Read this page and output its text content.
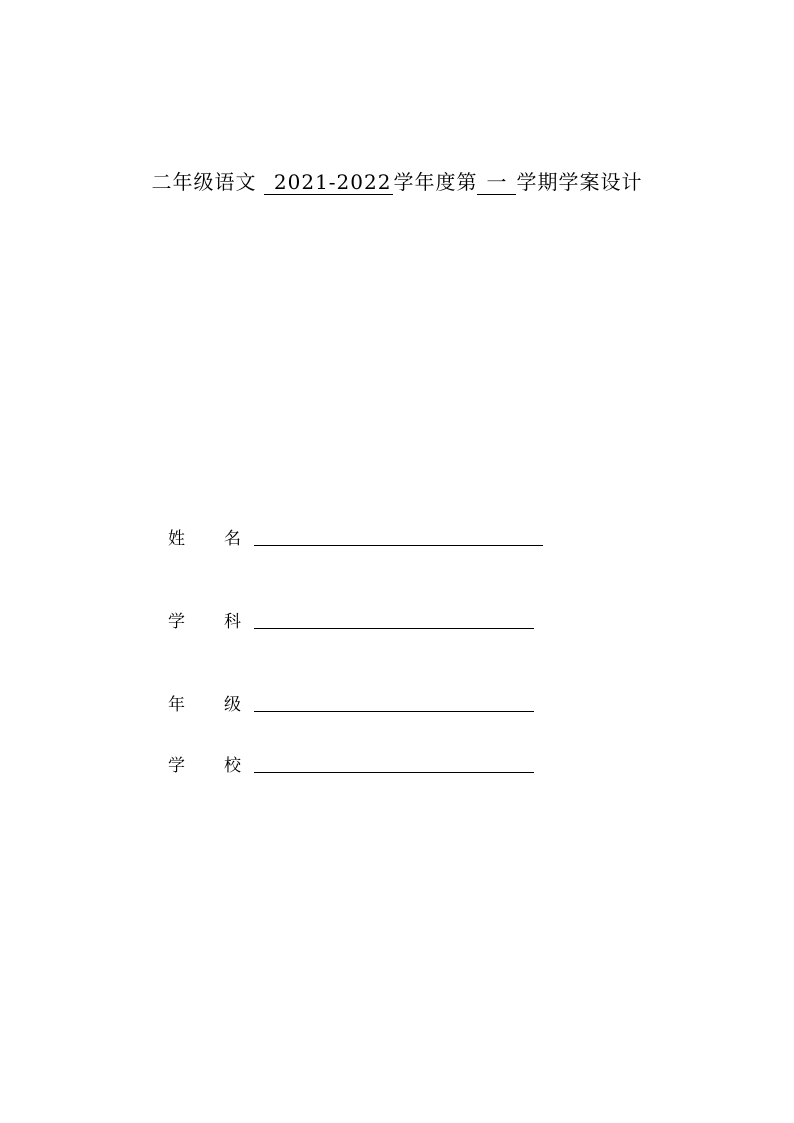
二年级语文 2021-2022 学年度第 一 学期学案设计
姓 名
学 科
年 级
学 校
